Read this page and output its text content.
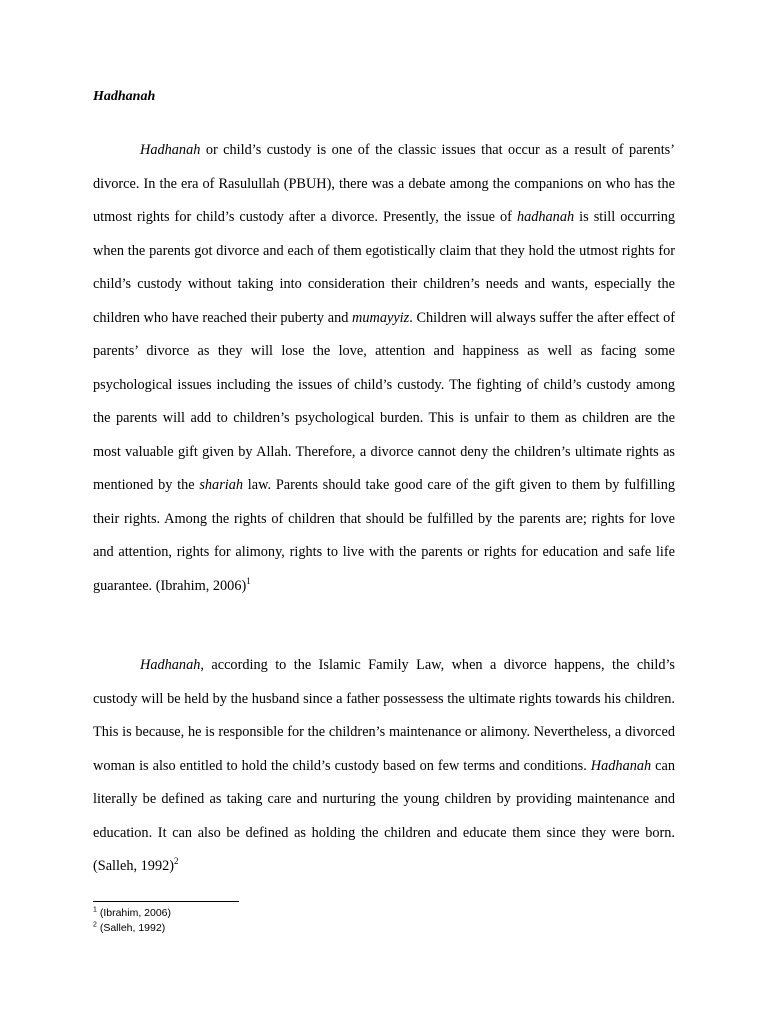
Hadhanah

Hadhanah or child’s custody is one of the classic issues that occur as a result of parents’ divorce. In the era of Rasulullah (PBUH), there was a debate among the companions on who has the utmost rights for child’s custody after a divorce. Presently, the issue of hadhanah is still occurring when the parents got divorce and each of them egotistically claim that they hold the utmost rights for child’s custody without taking into consideration their children’s needs and wants, especially the children who have reached their puberty and mumayyiz. Children will always suffer the after effect of parents’ divorce as they will lose the love, attention and happiness as well as facing some psychological issues including the issues of child’s custody. The fighting of child’s custody among the parents will add to children’s psychological burden. This is unfair to them as children are the most valuable gift given by Allah. Therefore, a divorce cannot deny the children’s ultimate rights as mentioned by the shariah law. Parents should take good care of the gift given to them by fulfilling their rights. Among the rights of children that should be fulfilled by the parents are; rights for love and attention, rights for alimony, rights to live with the parents or rights for education and safe life guarantee. (Ibrahim, 2006)$^1$

Hadhanah, according to the Islamic Family Law, when a divorce happens, the child’s custody will be held by the husband since a father possessess the ultimate rights towards his children. This is because, he is responsible for the children’s maintenance or alimony. Nevertheless, a divorced woman is also entitled to hold the child’s custody based on few terms and conditions. Hadhanah can literally be defined as taking care and nurturing the young children by providing maintenance and education. It can also be defined as holding the children and educate them since they were born. (Salleh, 1992)$^2$

$^1$ (Ibrahim, 2006)
$^2$ (Salleh, 1992)
